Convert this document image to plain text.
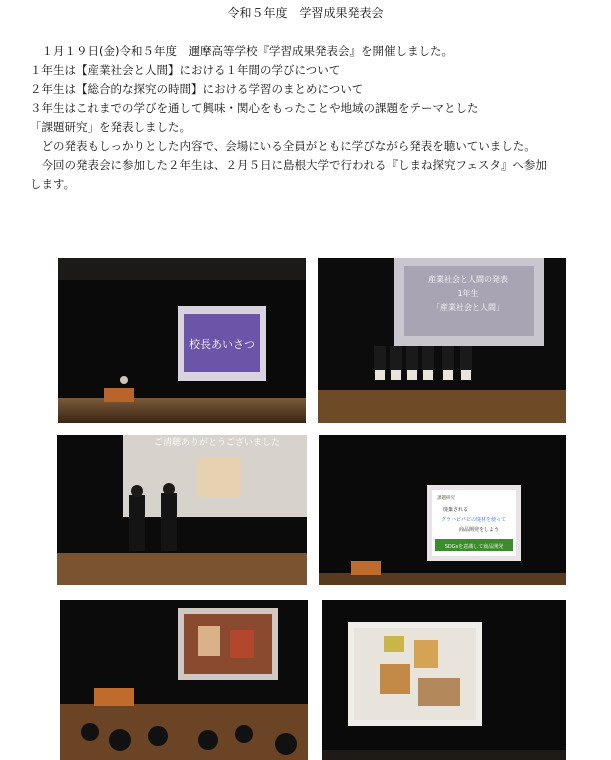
令和５年度　学習成果発表会
　１月１９日(金)令和５年度　邇摩高等学校『学習成果発表会』を開催しました。
１年生は【産業社会と人間】における１年間の学びについて
２年生は【総合的な探究の時間】における学習のまとめについて
３年生はこれまでの学びを通して興味・関心をもったことや地域の課題をテーマとした
「課題研究」を発表しました。
　どの発表もしっかりとした内容で、会場にいる全員がともに学びながら発表を聴いていました。
　今回の発表会に参加した２年生は、２月５日に島根大学で行われる『しまね探究フェスタ』へ参加
します。
校長あいさつ
産業社会と人間の発表
1年生
「産業社会と人間」
ご清聴ありがとうございました
課題研究
廃棄される
グラハピパピの廃材を使って
商品開発をしよう
SDGsを意識して商品開発
